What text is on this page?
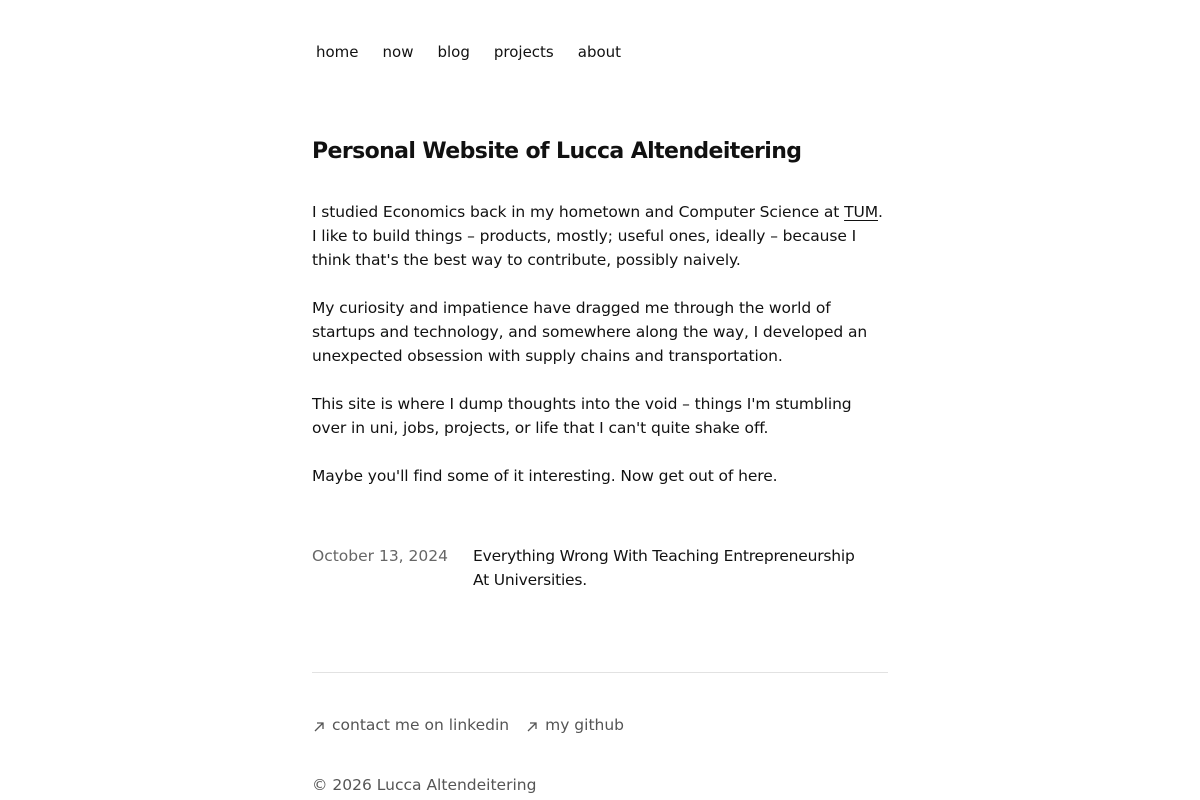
home now blog projects about
Personal Website of Lucca Altendeitering

I studied Economics back in my hometown and Computer Science at TUM. I like to build things – products, mostly; useful ones, ideally – because I think that's the best way to contribute, possibly naively.

My curiosity and impatience have dragged me through the world of startups and technology, and somewhere along the way, I developed an unexpected obsession with supply chains and transportation.

This site is where I dump thoughts into the void – things I'm stumbling over in uni, jobs, projects, or life that I can't quite shake off.

Maybe you'll find some of it interesting. Now get out of here.

October 13, 2024	Everything Wrong With Teaching Entrepreneurship At Universities.
contact me on linkedin my github
© 2026 Lucca Altendeitering
